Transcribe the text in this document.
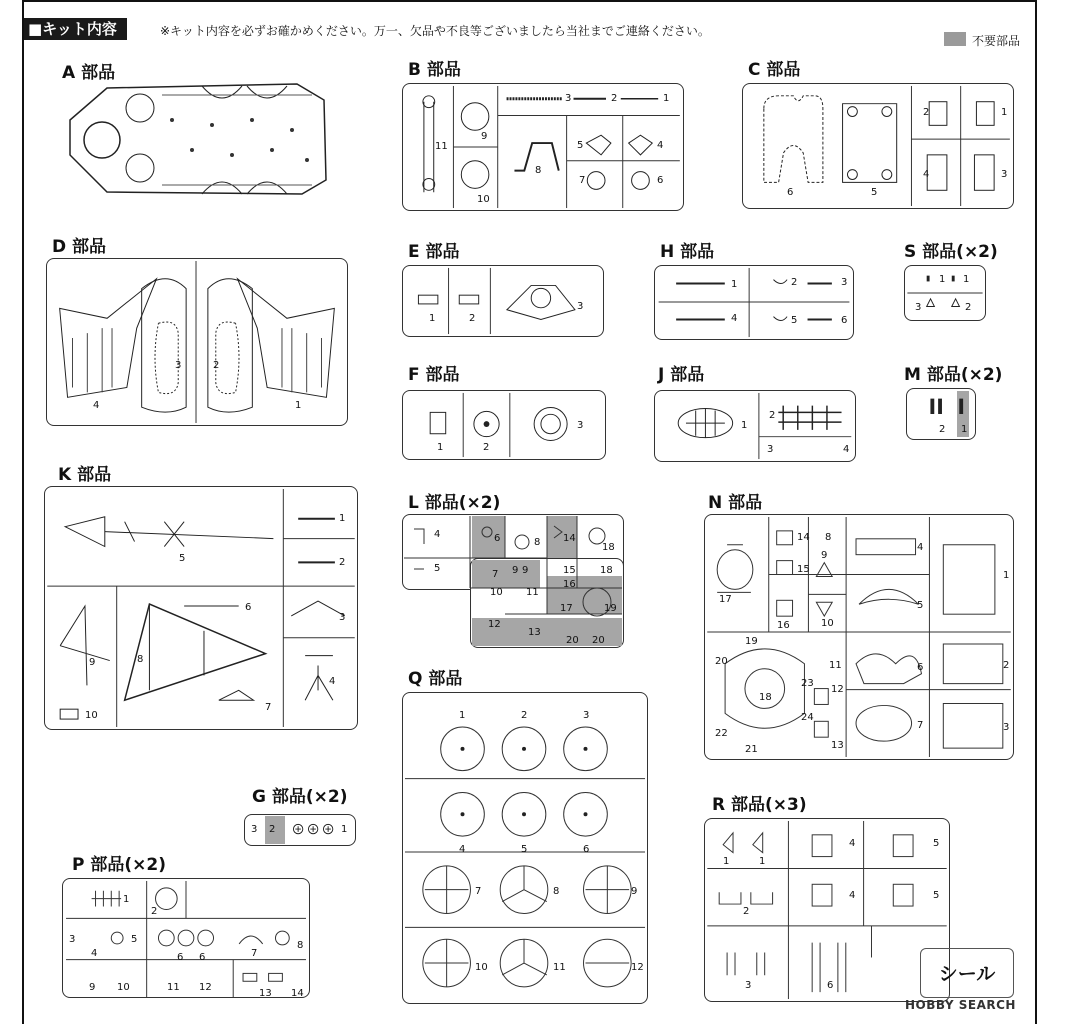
■キット内容	※キット内容を必ずお確かめください。万一、欠品や不良等ございましたら当社までご連絡ください。
不要部品
A 部品	B 部品	C 部品
D 部品	E 部品	H 部品	S 部品(×2)
F 部品	J 部品	M 部品(×2)
K 部品
L 部品(×2)	N 部品
Q 部品
G 部品(×2)
P 部品(×2)
R 部品(×3)
11
9
10
3	2	1
8
5	4
7	6
6	5
2	1
4	3
4
3	2
1
1	2
3
1	2	3
4	5	6
1 1
3	2
1	2
3	1
2
3	4
2 1
5
1
2
9	8
6
3
4
10
7
4	6	8 14
18
5
7 9 9	15
16
18
10 11
17	19
12
13
20 20
14 8
9
4
1
15
17
16	10
5
19
20	11	6	2
23
18
12
24
7	3
22
21	13
1	2	3
4	5	6
7	8	9
10	11	12
3 2	1
1
2
3
4
5
6 6	7
8
9 10	11 12
13 14
1	1
4	5
2
4	5
3	6
シール
HOBBY SEARCH
